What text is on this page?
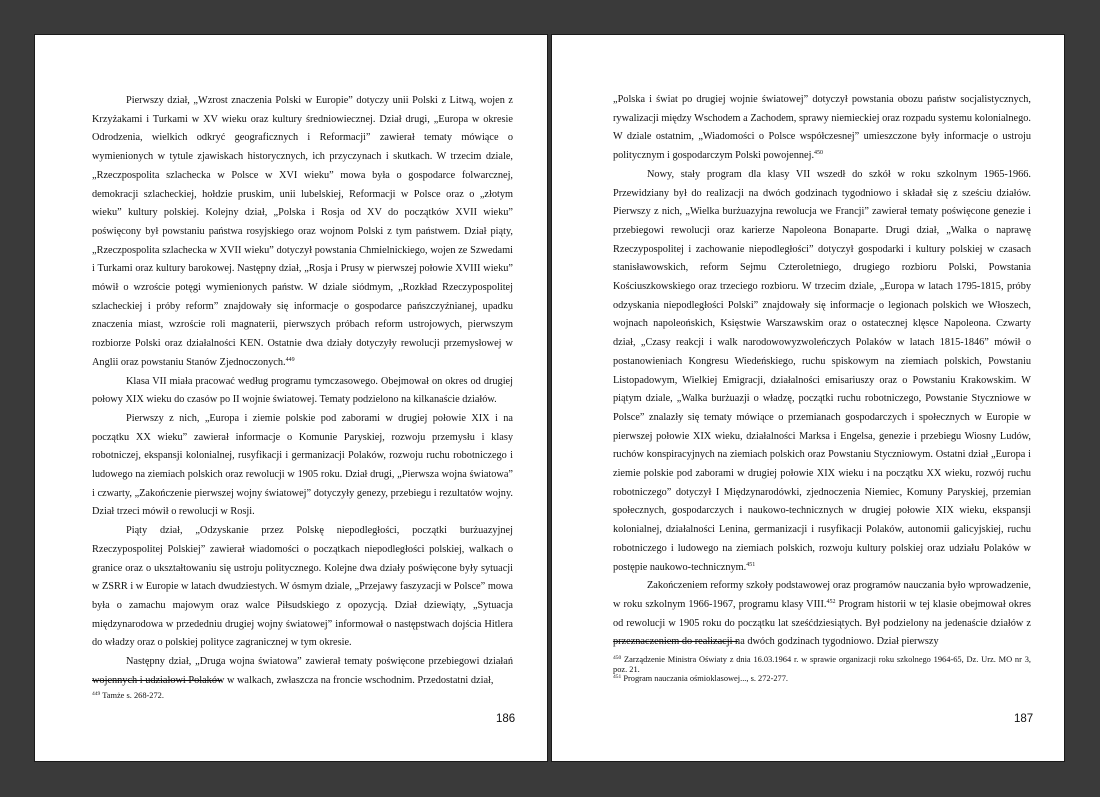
Pierwszy dział, „Wzrost znaczenia Polski w Europie” dotyczy unii Polski z Litwą, wojen z Krzyżakami i Turkami w XV wieku oraz kultury średniowiecznej. Dział drugi, „Europa w okresie Odrodzenia, wielkich odkryć geograficznych i Reformacji” zawierał tematy mówiące o wymienionych w tytule zjawiskach historycznych, ich przyczynach i skutkach. W trzecim dziale, „Rzeczpospolita szlachecka w Polsce w XVI wieku” mowa była o gospodarce folwarcznej, demokracji szlacheckiej, hołdzie pruskim, unii lubelskiej, Reformacji w Polsce oraz o „złotym wieku” kultury polskiej. Kolejny dział, „Polska i Rosja od XV do początków XVII wieku” poświęcony był powstaniu państwa rosyjskiego oraz wojnom Polski z tym państwem. Dział piąty, „Rzeczpospolita szlachecka w XVII wieku” dotyczył powstania Chmielnickiego, wojen ze Szwedami i Turkami oraz kultury barokowej. Następny dział, „Rosja i Prusy w pierwszej połowie XVIII wieku” mówił o wzroście potęgi wymienionych państw. W dziale siódmym, „Rozkład Rzeczypospolitej szlacheckiej i próby reform” znajdowały się informacje o gospodarce pańszczyźnianej, upadku znaczenia miast, wzroście roli magnaterii, pierwszych próbach reform ustrojowych, pierwszym rozbiorze Polski oraz działalności KEN. Ostatnie dwa działy dotyczyły rewolucji przemysłowej w Anglii oraz powstaniu Stanów Zjednoczonych.$^{449}$

Klasa VII miała pracować według programu tymczasowego. Obejmował on okres od drugiej połowy XIX wieku do czasów po II wojnie światowej. Tematy podzielono na kilkanaście działów.

Pierwszy z nich, „Europa i ziemie polskie pod zaborami w drugiej połowie XIX i na początku XX wieku” zawierał informacje o Komunie Paryskiej, rozwoju przemysłu i klasy robotniczej, ekspansji kolonialnej, rusyfikacji i germanizacji Polaków, rozwoju ruchu robotniczego i ludowego na ziemiach polskich oraz rewolucji w 1905 roku. Dział drugi, „Pierwsza wojna światowa” i czwarty, „Zakończenie pierwszej wojny światowej” dotyczyły genezy, przebiegu i rezultatów wojny. Dział trzeci mówił o rewolucji w Rosji.

Piąty dział, „Odzyskanie przez Polskę niepodległości, początki burżuazyjnej Rzeczypospolitej Polskiej” zawierał wiadomości o początkach niepodległości polskiej, walkach o granice oraz o ukształtowaniu się ustroju politycznego. Kolejne dwa działy poświęcone były sytuacji w ZSRR i w Europie w latach dwudziestych. W ósmym dziale, „Przejawy faszyzacji w Polsce” mowa była o zamachu majowym oraz walce Piłsudskiego z opozycją. Dział dziewiąty, „Sytuacja międzynarodowa w przededniu drugiej wojny światowej” informował o następstwach dojścia Hitlera do władzy oraz o polskiej polityce zagranicznej w tym okresie.

Następny dział, „Druga wojna światowa” zawierał tematy poświęcone przebiegowi działań wojennych i udziałowi Polaków w walkach, zwłaszcza na froncie wschodnim. Przedostatni dział,

$^{449}$ Tamże s. 268-272.

186

„Polska i świat po drugiej wojnie światowej” dotyczył powstania obozu państw socjalistycznych, rywalizacji między Wschodem a Zachodem, sprawy niemieckiej oraz rozpadu systemu kolonialnego. W dziale ostatnim, „Wiadomości o Polsce współczesnej” umieszczone były informacje o ustroju politycznym i gospodarczym Polski powojennej.$^{450}$

Nowy, stały program dla klasy VII wszedł do szkół w roku szkolnym 1965-1966. Przewidziany był do realizacji na dwóch godzinach tygodniowo i składał się z sześciu działów. Pierwszy z nich, „Wielka burżuazyjna rewolucja we Francji” zawierał tematy poświęcone genezie i przebiegowi rewolucji oraz karierze Napoleona Bonaparte. Drugi dział, „Walka o naprawę Rzeczypospolitej i zachowanie niepodległości” dotyczył gospodarki i kultury polskiej w czasach stanisławowskich, reform Sejmu Czteroletniego, drugiego rozbioru Polski, Powstania Kościuszkowskiego oraz trzeciego rozbioru. W trzecim dziale, „Europa w latach 1795-1815, próby odzyskania niepodległości Polski” znajdowały się informacje o legionach polskich we Włoszech, wojnach napoleońskich, Księstwie Warszawskim oraz o ostatecznej klęsce Napoleona. Czwarty dział, „Czasy reakcji i walk narodowowyzwoleńczych Polaków w latach 1815-1846” mówił o postanowieniach Kongresu Wiedeńskiego, ruchu spiskowym na ziemiach polskich, Powstaniu Listopadowym, Wielkiej Emigracji, działalności emisariuszy oraz o Powstaniu Krakowskim. W piątym dziale, „Walka burżuazji o władzę, początki ruchu robotniczego, Powstanie Styczniowe w Polsce” znalazły się tematy mówiące o przemianach gospodarczych i społecznych w Europie w pierwszej połowie XIX wieku, działalności Marksa i Engelsa, genezie i przebiegu Wiosny Ludów, ruchów konspiracyjnych na ziemiach polskich oraz Powstaniu Styczniowym. Ostatni dział „Europa i ziemie polskie pod zaborami w drugiej połowie XIX wieku i na początku XX wieku, rozwój ruchu robotniczego” dotyczył I Międzynarodówki, zjednoczenia Niemiec, Komuny Paryskiej, przemian społecznych, gospodarczych i naukowo-technicznych w drugiej połowie XIX wieku, ekspansji kolonialnej, działalności Lenina, germanizacji i rusyfikacji Polaków, autonomii galicyjskiej, ruchu robotniczego i ludowego na ziemiach polskich, rozwoju kultury polskiej oraz udziału Polaków w postępie naukowo-technicznym.$^{451}$

Zakończeniem reformy szkoły podstawowej oraz programów nauczania było wprowadzenie, w roku szkolnym 1966-1967, programu klasy VIII.$^{452}$ Program historii w tej klasie obejmował okres od rewolucji w 1905 roku do początku lat sześćdziesiątych. Był podzielony na jedenaście działów z przeznaczeniem do realizacji na dwóch godzinach tygodniowo. Dział pierwszy

$^{450}$ Zarządzenie Ministra Oświaty z dnia 16.03.1964 r. w sprawie organizacji roku szkolnego 1964-65, Dz. Urz. MO nr 3, poz. 21.

$^{451}$ Program nauczania ośmioklasowej..., s. 272-277.

187
